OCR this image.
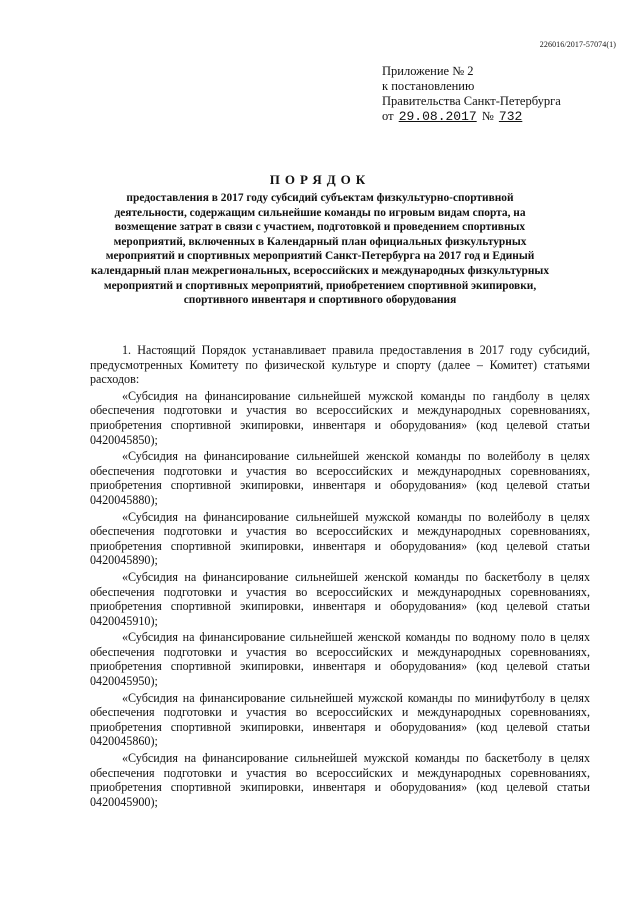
226016/2017-57074(1)
Приложение № 2
к постановлению
Правительства Санкт-Петербурга
от 29.08.2017 № 732
ПОРЯДОК
предоставления в 2017 году субсидий субъектам физкультурно-спортивной деятельности, содержащим сильнейшие команды по игровым видам спорта, на возмещение затрат в связи с участием, подготовкой и проведением спортивных мероприятий, включенных в Календарный план официальных физкультурных мероприятий и спортивных мероприятий Санкт-Петербурга на 2017 год и Единый календарный план межрегиональных, всероссийских и международных физкультурных мероприятий и спортивных мероприятий, приобретением спортивной экипировки, спортивного инвентаря и спортивного оборудования

1. Настоящий Порядок устанавливает правила предоставления в 2017 году субсидий, предусмотренных Комитету по физической культуре и спорту (далее – Комитет) статьями расходов:

«Субсидия на финансирование сильнейшей мужской команды по гандболу в целях обеспечения подготовки и участия во всероссийских и международных соревнованиях, приобретения спортивной экипировки, инвентаря и оборудования» (код целевой статьи 0420045850);

«Субсидия на финансирование сильнейшей женской команды по волейболу в целях обеспечения подготовки и участия во всероссийских и международных соревнованиях, приобретения спортивной экипировки, инвентаря и оборудования» (код целевой статьи 0420045880);

«Субсидия на финансирование сильнейшей мужской команды по волейболу в целях обеспечения подготовки и участия во всероссийских и международных соревнованиях, приобретения спортивной экипировки, инвентаря и оборудования» (код целевой статьи 0420045890);

«Субсидия на финансирование сильнейшей женской команды по баскетболу в целях обеспечения подготовки и участия во всероссийских и международных соревнованиях, приобретения спортивной экипировки, инвентаря и оборудования» (код целевой статьи 0420045910);

«Субсидия на финансирование сильнейшей женской команды по водному поло в целях обеспечения подготовки и участия во всероссийских и международных соревнованиях, приобретения спортивной экипировки, инвентаря и оборудования» (код целевой статьи 0420045950);

«Субсидия на финансирование сильнейшей мужской команды по минифутболу в целях обеспечения подготовки и участия во всероссийских и международных соревнованиях, приобретения спортивной экипировки, инвентаря и оборудования» (код целевой статьи 0420045860);

«Субсидия на финансирование сильнейшей мужской команды по баскетболу в целях обеспечения подготовки и участия во всероссийских и международных соревнованиях, приобретения спортивной экипировки, инвентаря и оборудования» (код целевой статьи 0420045900);
